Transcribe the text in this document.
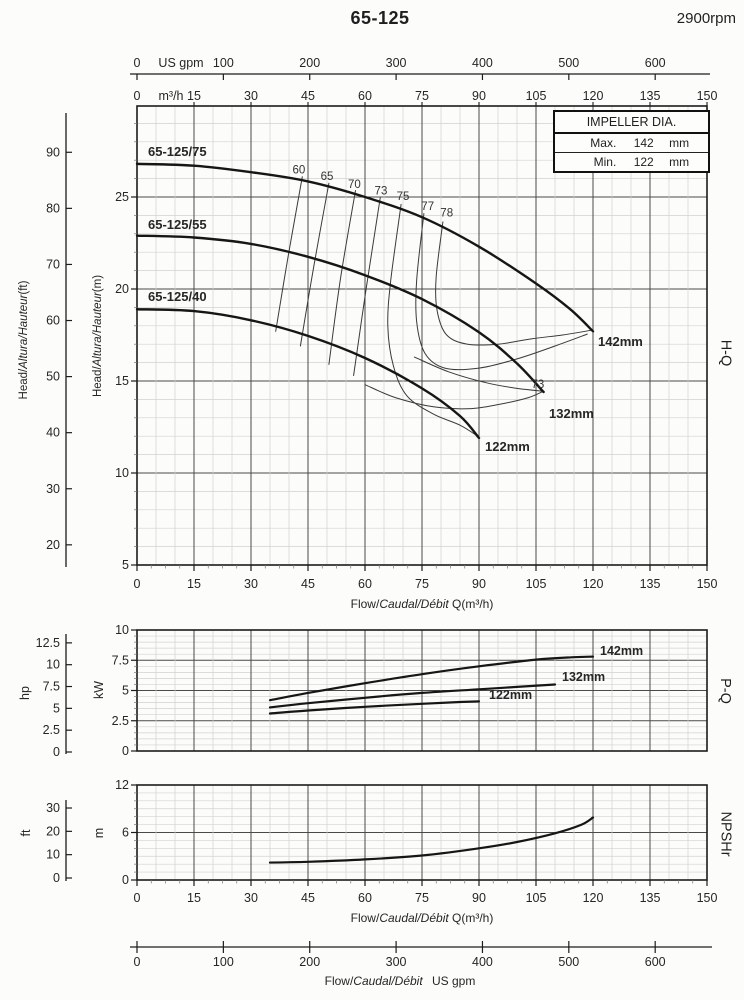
65-125	2900rpm
0	100	200	300	400	500	600
US gpm
0	15	30	45	60	75	90	105	120	135	150
m³/h
25
20
15
10
5
Head/Altura/Hauteur(m)
90
80
70
60
50
40
30
20
Head/Altura/Hauteur(ft)
65-125/75
65-125/55
65-125/40
60
65
70
73 75
77
78
73
142mm
132mm
122mm
0	15	30	45	60	75	90	105	120	135	150
Flow/Caudal/Débit Q(m³/h)
10
7.5
5
2.5
0
kW
12.5
10
7.5
5
2.5
0
hp
142mm
132mm
122mm
12
6
0
m
30
20
10
0
ft
0	15	30	45	60	75	90	105	120	135	150
Flow/Caudal/Débit Q(m³/h)
0	100	200	300	400	500	600
Flow/Caudal/Débit  US gpm
IMPELLER DIA.
Max.	142	mm
Min.	122	mm
H-Q
P-Q
NPSHr
